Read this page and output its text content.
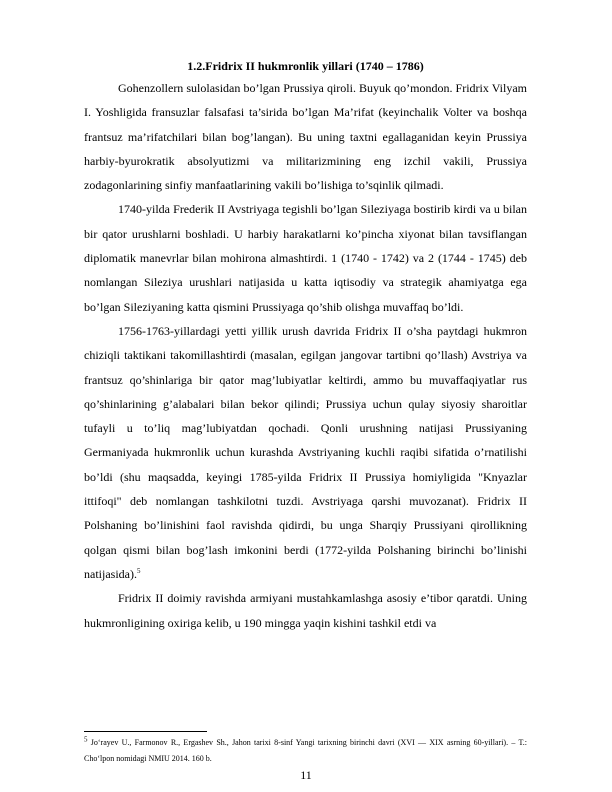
1.2.Fridrix II hukmronlik yillari (1740 – 1786)

Gohenzollern sulolasidan bo’lgan Prussiya qiroli. Buyuk qo’mondon. Fridrix Vilyam I. Yoshligida fransuzlar falsafasi ta’sirida bo’lgan Ma’rifat (keyinchalik Volter va boshqa frantsuz ma’rifatchilari bilan bog’langan). Bu uning taxtni egallaganidan keyin Prussiya harbiy-byurokratik absolyutizmi va militarizmining eng izchil vakili, Prussiya zodagonlarining sinfiy manfaatlarining vakili bo’lishiga to’sqinlik qilmadi.

1740-yilda Frederik II Avstriyaga tegishli bo’lgan Sileziyaga bostirib kirdi va u bilan bir qator urushlarni boshladi. U harbiy harakatlarni ko’pincha xiyonat bilan tavsiflangan diplomatik manevrlar bilan mohirona almashtirdi. 1 (1740 - 1742) va 2 (1744 - 1745) deb nomlangan Sileziya urushlari natijasida u katta iqtisodiy va strategik ahamiyatga ega bo’lgan Sileziyaning katta qismini Prussiyaga qo’shib olishga muvaffaq bo’ldi.

1756-1763-yillardagi yetti yillik urush davrida Fridrix II o’sha paytdagi hukmron chiziqli taktikani takomillashtirdi (masalan, egilgan jangovar tartibni qo’llash) Avstriya va frantsuz qo’shinlariga bir qator mag’lubiyatlar keltirdi, ammo bu muvaffaqiyatlar rus qo’shinlarining g’alabalari bilan bekor qilindi; Prussiya uchun qulay siyosiy sharoitlar tufayli u to’liq mag’lubiyatdan qochadi. Qonli urushning natijasi Prussiyaning Germaniyada hukmronlik uchun kurashda Avstriyaning kuchli raqibi sifatida o’rnatilishi bo’ldi (shu maqsadda, keyingi 1785-yilda Fridrix II Prussiya homiyligida "Knyazlar ittifoqi" deb nomlangan tashkilotni tuzdi. Avstriyaga qarshi muvozanat). Fridrix II Polshaning bo’linishini faol ravishda qidirdi, bu unga Sharqiy Prussiyani qirollikning qolgan qismi bilan bog’lash imkonini berdi (1772-yilda Polshaning birinchi bo’linishi natijasida).$^5$

Fridrix II doimiy ravishda armiyani mustahkamlashga asosiy e’tibor qaratdi. Uning hukmronligining oxiriga kelib, u 190 mingga yaqin kishini tashkil etdi va

$^5$ Jo‘rayev U., Farmonov R., Ergashev Sh., Jahon tarixi 8-sinf Yangi tarixning birinchi davri (XVI — XIX asrning 60-yillari). – T.: Cho‘lpon nomidagi NMIU 2014. 160 b.

11
